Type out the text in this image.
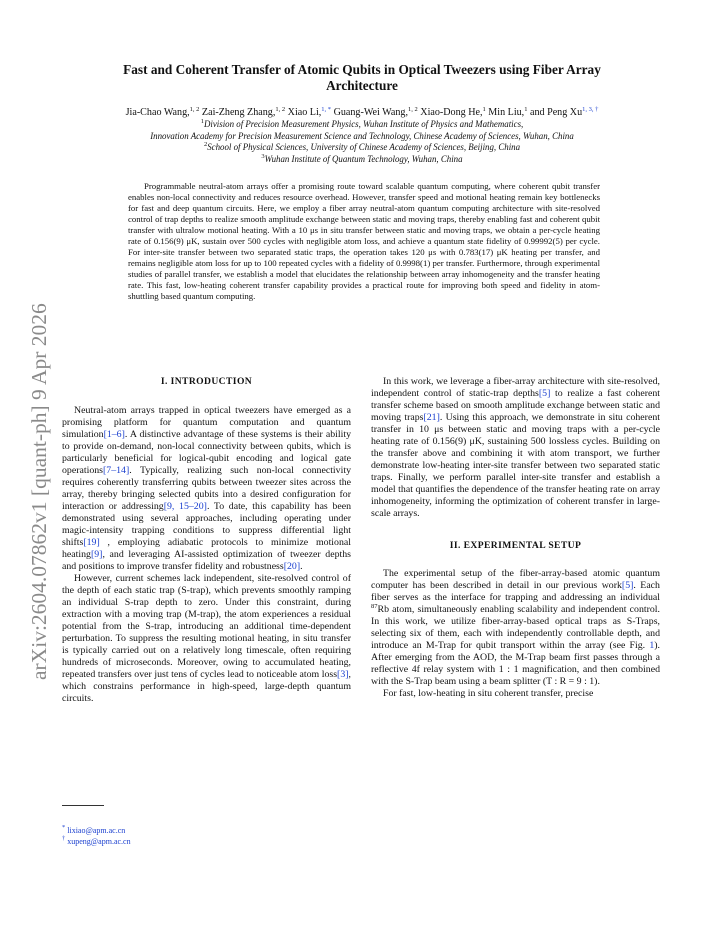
arXiv:2604.07862v1 [quant-ph] 9 Apr 2026
Fast and Coherent Transfer of Atomic Qubits in Optical Tweezers using Fiber Array
Architecture
Jia-Chao Wang,$^{1, 2}$ Zai-Zheng Zhang,$^{1, 2}$ Xiao Li,$^{1, *}$ Guang-Wei Wang,$^{1, 2}$ Xiao-Dong He,$^1$ Min Liu,$^1$ and Peng $Xu^{1, 3, \dagger}$
$^1$Division of Precision Measurement Physics, Wuhan Institute of Physics and Mathematics,
Innovation Academy for Precision Measurement Science and Technology, Chinese Academy of Sciences, Wuhan, China
$^2$School of Physical Sciences, University of Chinese Academy of Sciences, Beijing, China
$^3$Wuhan Institute of Quantum Technology, Wuhan, China

Programmable neutral-atom arrays offer a promising route toward scalable quantum computing, where coherent qubit transfer enables non-local connectivity and reduces resource overhead. However, transfer speed and motional heating remain key bottlenecks for fast and deep quantum circuits. Here, we employ a fiber array neutral-atom quantum computing architecture with site-resolved control of trap depths to realize smooth amplitude exchange between static and moving traps, thereby enabling fast and coherent qubit transfer with ultralow motional heating. With a 10 μs in situ transfer between static and moving traps, we obtain a per-cycle heating rate of 0.156(9) μK, sustain over 500 cycles with negligible atom loss, and achieve a quantum state fidelity of 0.99992(5) per cycle. For inter-site transfer between two separated static traps, the operation takes 120 μs with 0.783(17) μK heating per transfer, and remains negligible atom loss for up to 100 repeated cycles with a fidelity of 0.9998(1) per transfer. Furthermore, through experimental studies of parallel transfer, we establish a model that elucidates the relationship between array inhomogeneity and the transfer heating rate. This fast, low-heating coherent transfer capability provides a practical route for improving both speed and fidelity in atom-shuttling based quantum computing.

I. INTRODUCTION

Neutral-atom arrays trapped in optical tweezers have emerged as a promising platform for quantum computation and quantum simulation[1–6]. A distinctive advantage of these systems is their ability to provide on-demand, non-local connectivity between qubits, which is particularly beneficial for logical-qubit encoding and logical gate operations[7–14]. Typically, realizing such non-local connectivity requires coherently transferring qubits between tweezer sites across the array, thereby bringing selected qubits into a desired configuration for interaction or addressing[9, 15–20]. To date, this capability has been demonstrated using several approaches, including operating under magic-intensity trapping conditions to suppress differential light shifts[19] , employing adiabatic protocols to minimize motional heating[9], and leveraging AI-assisted optimization of tweezer depths and positions to improve transfer fidelity and robustness[20].

However, current schemes lack independent, site-resolved control of the depth of each static trap (S-trap), which prevents smoothly ramping an individual S-trap depth to zero. Under this constraint, during extraction with a moving trap (M-trap), the atom experiences a residual potential from the S-trap, introducing an additional time-dependent perturbation. To suppress the resulting motional heating, in situ transfer is typically carried out on a relatively long timescale, often requiring hundreds of microseconds. Moreover, owing to accumulated heating, repeated transfers over just tens of cycles lead to noticeable atom loss[3], which constrains performance in high-speed, large-depth quantum circuits.

In this work, we leverage a fiber-array architecture with site-resolved, independent control of static-trap depths[5] to realize a fast coherent transfer scheme based on smooth amplitude exchange between static and moving traps[21]. Using this approach, we demonstrate in situ coherent transfer in 10 μs between static and moving traps with a per-cycle heating rate of 0.156(9) μK, sustaining 500 lossless cycles. Building on the transfer above and combining it with atom transport, we further demonstrate low-heating inter-site transfer between two separated static traps. Finally, we perform parallel inter-site transfer and establish a model that quantifies the dependence of the transfer heating rate on array inhomogeneity, informing the optimization of coherent transfer in large-scale arrays.

II. EXPERIMENTAL SETUP

The experimental setup of the fiber-array-based atomic quantum computer has been described in detail in our previous work[5]. Each fiber serves as the interface for trapping and addressing an individual $^{87}$Rb atom, simultaneously enabling scalability and independent control. In this work, we utilize fiber-array-based optical traps as S-Traps, selecting six of them, each with independently controllable depth, and introduce an M-Trap for qubit transport within the array (see Fig. 1). After emerging from the AOD, the M-Trap beam first passes through a reflective 4f relay system with 1 : 1 magnification, and then combined with the S-Trap beam using a beam splitter (T : R = 9 : 1).

For fast, low-heating in situ coherent transfer, precise

* lixiao@apm.ac.cn
† xupeng@apm.ac.cn
